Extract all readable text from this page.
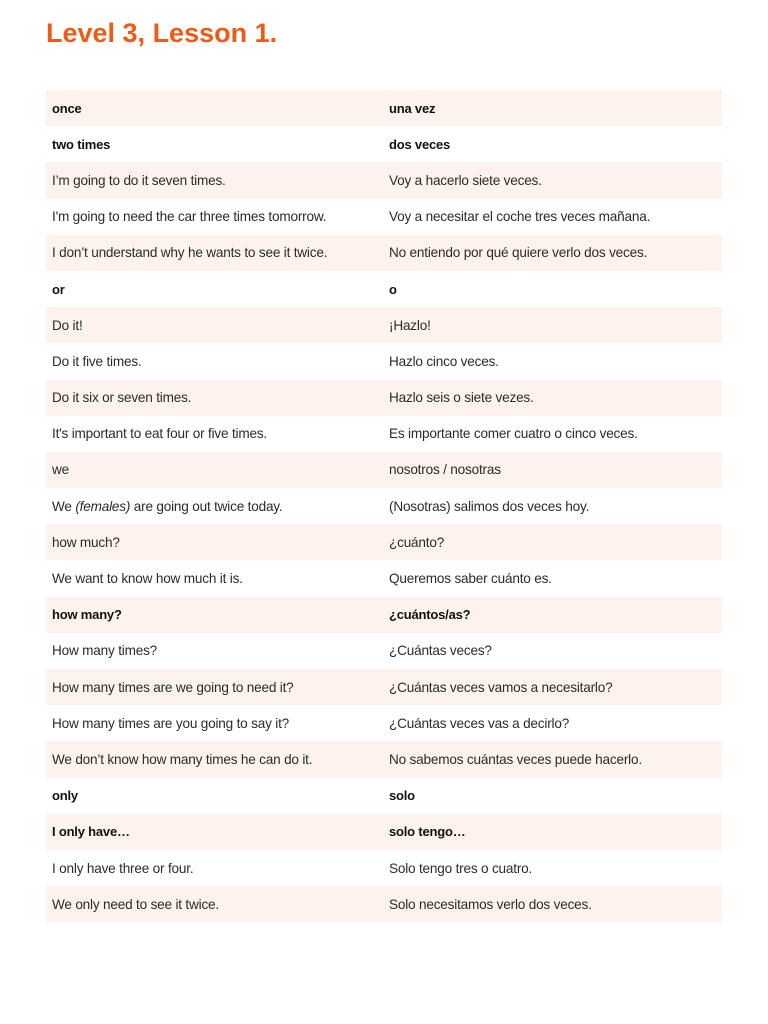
Level 3, Lesson 1.
once	una vez
two times	dos veces
I’m going to do it seven times.	Voy a hacerlo siete veces.
I'm going to need the car three times tomorrow.	Voy a necesitar el coche tres veces mañana.
I don’t understand why he wants to see it twice.	No entiendo por qué quiere verlo dos veces.
or	o
Do it!	¡Hazlo!
Do it five times.	Hazlo cinco veces.
Do it six or seven times.	Hazlo seis o siete vezes.
It's important to eat four or five times.	Es importante comer cuatro o cinco veces.
we	nosotros / nosotras
We (females) are going out twice today.	(Nosotras) salimos dos veces hoy.
how much?	¿cuánto?
We want to know how much it is.	Queremos saber cuánto es.
how many?	¿cuántos/as?
How many times?	¿Cuántas veces?
How many times are we going to need it?	¿Cuántas veces vamos a necesitarlo?
How many times are you going to say it?	¿Cuántas veces vas a decirlo?
We don’t know how many times he can do it.	No sabemos cuántas veces puede hacerlo.
only	solo
I only have…	solo tengo…
I only have three or four.	Solo tengo tres o cuatro.
We only need to see it twice.	Solo necesitamos verlo dos veces.
